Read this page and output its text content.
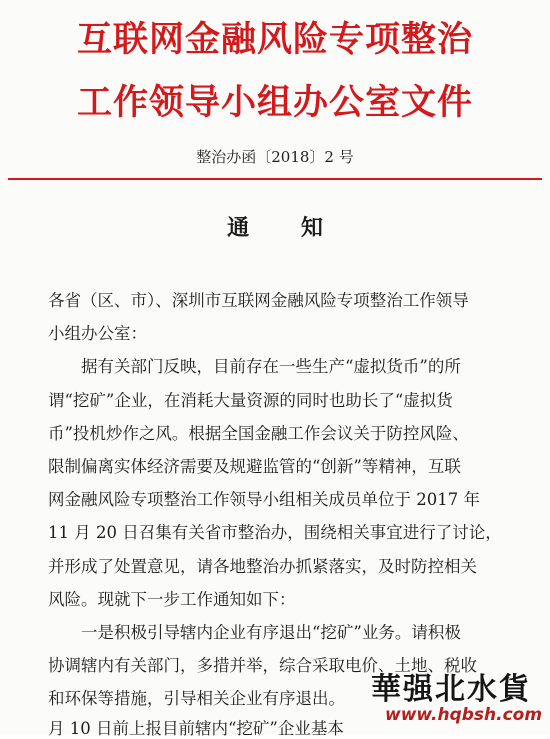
互联网金融风险专项整治
工作领导小组办公室文件
整治办函〔2018〕2 号
通 知
各省（区、市）、深圳市互联网金融风险专项整治工作领导
小组办公室：
　　据有关部门反映，目前存在一些生产“虚拟货币”的所
谓“挖矿”企业，在消耗大量资源的同时也助长了“虚拟货
币”投机炒作之风。根据全国金融工作会议关于防控风险、
限制偏离实体经济需要及规避监管的“创新”等精神，互联
网金融风险专项整治工作领导小组相关成员单位于 2017 年
11 月 20 日召集有关省市整治办，围绕相关事宜进行了讨论，
并形成了处置意见，请各地整治办抓紧落实，及时防控相关
风险。现就下一步工作通知如下：
　　一是积极引导辖内企业有序退出“挖矿”业务。请积极
协调辖内有关部门，多措并举，综合采取电价、土地、税收
和环保等措施，引导相关企业有序退出。
月 10 日前上报目前辖内“挖矿”企业基本
華强北水貨
www.hqbsh.com
